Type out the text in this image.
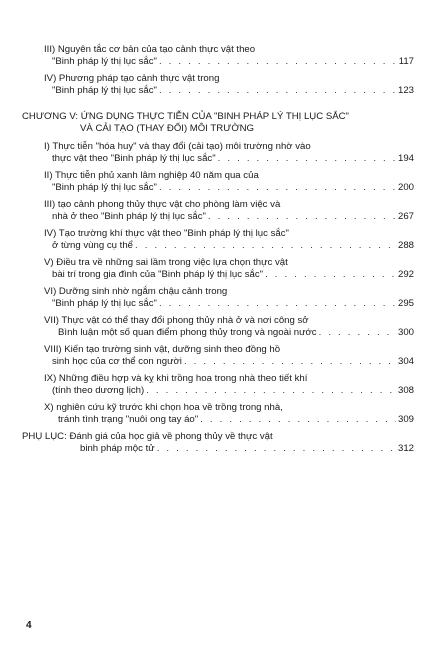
III) Nguyên tắc cơ bản của tạo cảnh thực vật theo
"Binh pháp lý thị lục sắc" . . .	117
IV) Phương pháp tạo cảnh thực vật trong
"Binh pháp lý thị lục sắc" . . .	123
CHƯƠNG V: ỨNG DỤNG THỰC TIỄN CỦA "BINH PHÁP LÝ THỊ LỤC SẮC"
VÀ CẢI TẠO (THAY ĐỔI) MÔI TRƯỜNG
I) Thực tiễn "hóa huy" và thay đổi (cải tạo) môi trường nhờ vào
thực vật theo "Binh pháp lý thị lục sắc" . . .	194
II) Thực tiễn phủ xanh lâm nghiệp 40 năm qua của
"Binh pháp lý thị lục sắc" . . .	200
III) tạo cảnh phong thủy thực vật cho phòng làm việc và
nhà ở theo "Binh pháp lý thị lục sắc" . . .	267
IV) Tạo trường khí thực vật theo "Binh pháp lý thị lục sắc"
ở từng vùng cụ thể . . .	288
V) Điều tra về những sai lầm trong việc lựa chọn thực vật
bài trí trong gia đình của "Binh pháp lý thị lục sắc" . . .	292
VI) Dưỡng sinh nhờ ngắm chậu cảnh trong
"Binh pháp lý thị lục sắc" . . .	295
VII) Thực vật có thể thay đổi phong thủy nhà ở và nơi công sở
Bình luận một số quan điểm phong thủy trong và ngoài nước . . .	300
VIII) Kiến tạo trường sinh vật, dưỡng sinh theo đồng hồ
sinh học của cơ thể con người . . .	304
IX) Những điều hợp và kỵ khi trồng hoa trong nhà theo tiết khí
(tính theo dương lịch) . . .	308
X) nghiên cứu kỹ trước khi chọn hoa về trồng trong nhà,
tránh tình trạng "nuôi ong tay áo" . . .	309
PHỤ LỤC: Đánh giá của học giả về phong thủy về thực vật
binh pháp mộc tử . . .	312
4
